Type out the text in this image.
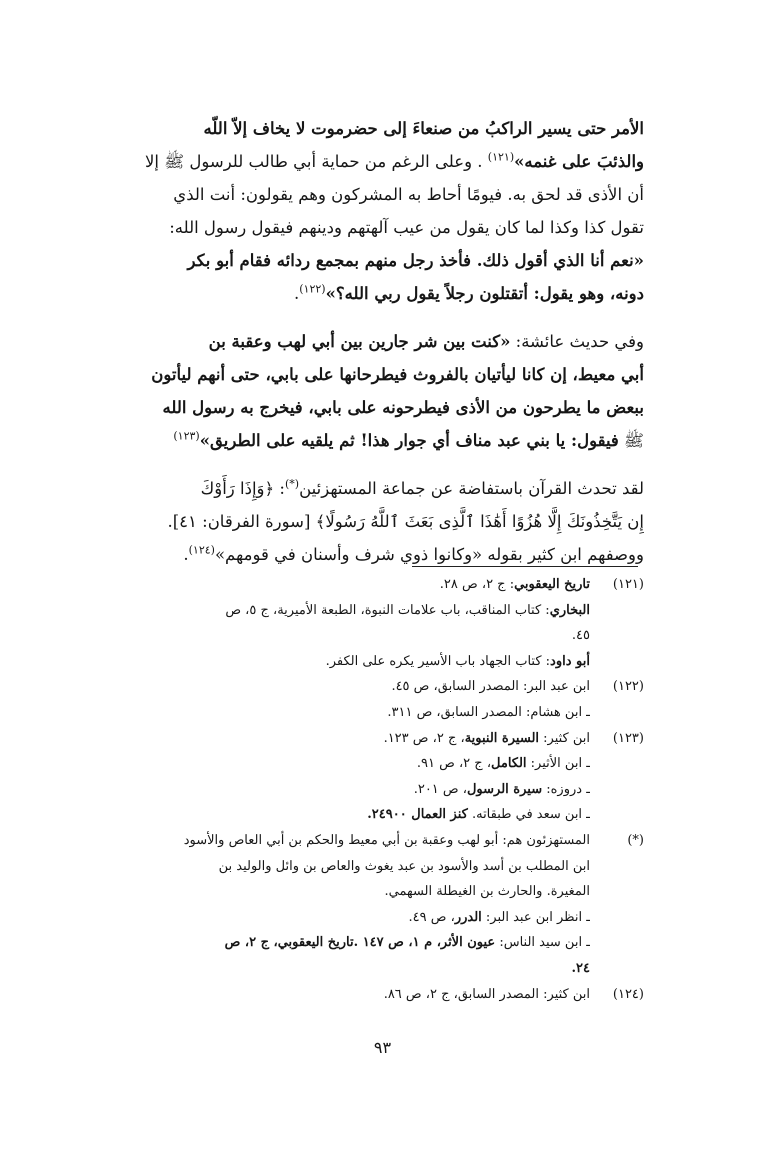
الأمر حتى يسير الراكبُ من صنعاءَ إلى حضرموت لا يخاف إلاّ اللّه
والذئبَ على غنمه»$^{(١٢١)}$ . وعلى الرغم من حماية أبي طالب للرسول ﷺ إلا
أن الأذى قد لحق به. فيومًا أحاط به المشركون وهم يقولون: أنت الذي
تقول كذا وكذا لما كان يقول من عيب آلهتهم ودينهم فيقول رسول الله:
«نعم أنا الذي أقول ذلك. فأخذ رجل منهم بمجمع ردائه فقام أبو بكر
دونه، وهو يقول: أتقتلون رجلاً يقول ربي الله؟»$^{(١٢٢)}$.

وفي حديث عائشة: «كنت بين شر جارين بين أبي لهب وعقبة بن
أبي معيط، إن كانا ليأتيان بالفروث فيطرحانها على بابي، حتى أنهم ليأتون
ببعض ما يطرحون من الأذى فيطرحونه على بابي، فيخرج به رسول الله
ﷺ فيقول: يا بني عبد مناف أي جوار هذا! ثم يلقيه على الطريق»$^{(١٢٣)}$

لقد تحدث القرآن باستفاضة عن جماعة المستهزئين(*): ﴿وَإِذَا رَأَوْكَ
إِن يَتَّخِذُونَكَ إِلَّا هُزُوًا أَهَٰذَا ٱلَّذِى بَعَثَ ٱللَّهُ رَسُولًا﴾ [سورة الفرقان: ٤١].
ووصفهم ابن كثير بقوله «وكانوا ذوي شرف وأسنان في قومهم»$^{(١٢٤)}$.

(١٢١)
تاريخ اليعقوبي: ج ٢، ص ٢٨.
البخاري: كتاب المناقب، باب علامات النبوة، الطبعة الأميرية، ج ٥، ص
٤٥.
أبو داود: كتاب الجهاد باب الأسير يكره على الكفر.
(١٢٢)
ابن عبد البر: المصدر السابق، ص ٤٥.
ـ ابن هشام: المصدر السابق، ص ٣١١.
(١٢٣)
ابن كثير: السيرة النبوية، ج ٢، ص ١٢٣.
ـ ابن الأثير: الكامل، ج ٢، ص ٩١.
ـ دروزه: سيرة الرسول، ص ٢٠١.
ـ ابن سعد في طبقاته. كنز العمال ٢٤٩٠٠.
(*)
المستهزئون هم: أبو لهب وعقبة بن أبي معيط والحكم بن أبي العاص والأسود
ابن المطلب بن أسد والأسود بن عبد يغوث والعاص بن وائل والوليد بن
المغيرة. والحارث بن الغيطلة السهمي.
ـ انظر ابن عبد البر: الدرر، ص ٤٩.
ـ ابن سيد الناس: عيون الأثر، م ١، ص ١٤٧ .تاريخ اليعقوبي، ج ٢، ص
٢٤.
(١٢٤)
ابن كثير: المصدر السابق، ج ٢، ص ٨٦.
٩٣
